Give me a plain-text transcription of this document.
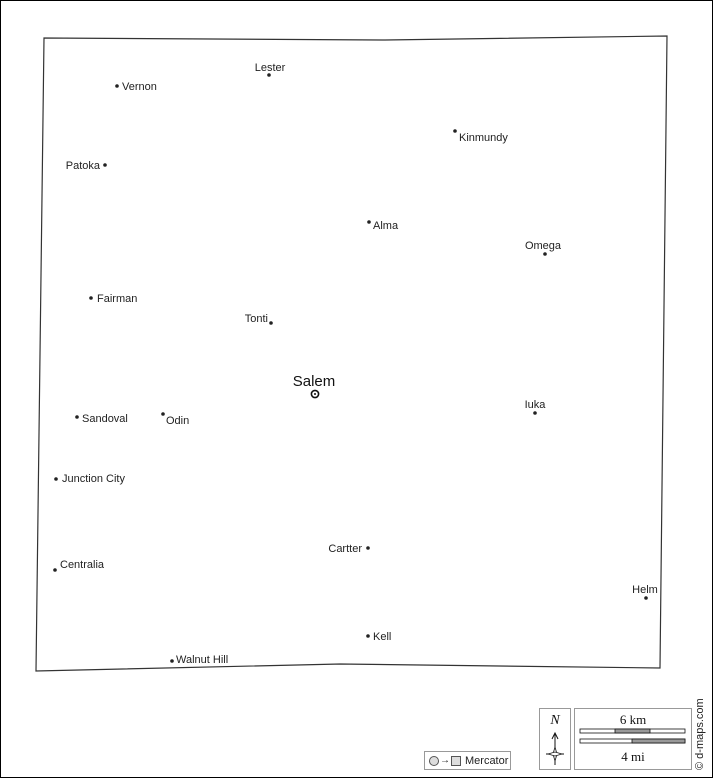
Salem
Lester
Vernon
Kinmundy
Patoka
Alma
Omega
Fairman
Tonti
Sandoval	Odin
Iuka
Junction City
Cartter
Centralia
Helm
Kell
Walnut Hill
→ Mercator
N	6 km
4 mi	© d-maps.com
